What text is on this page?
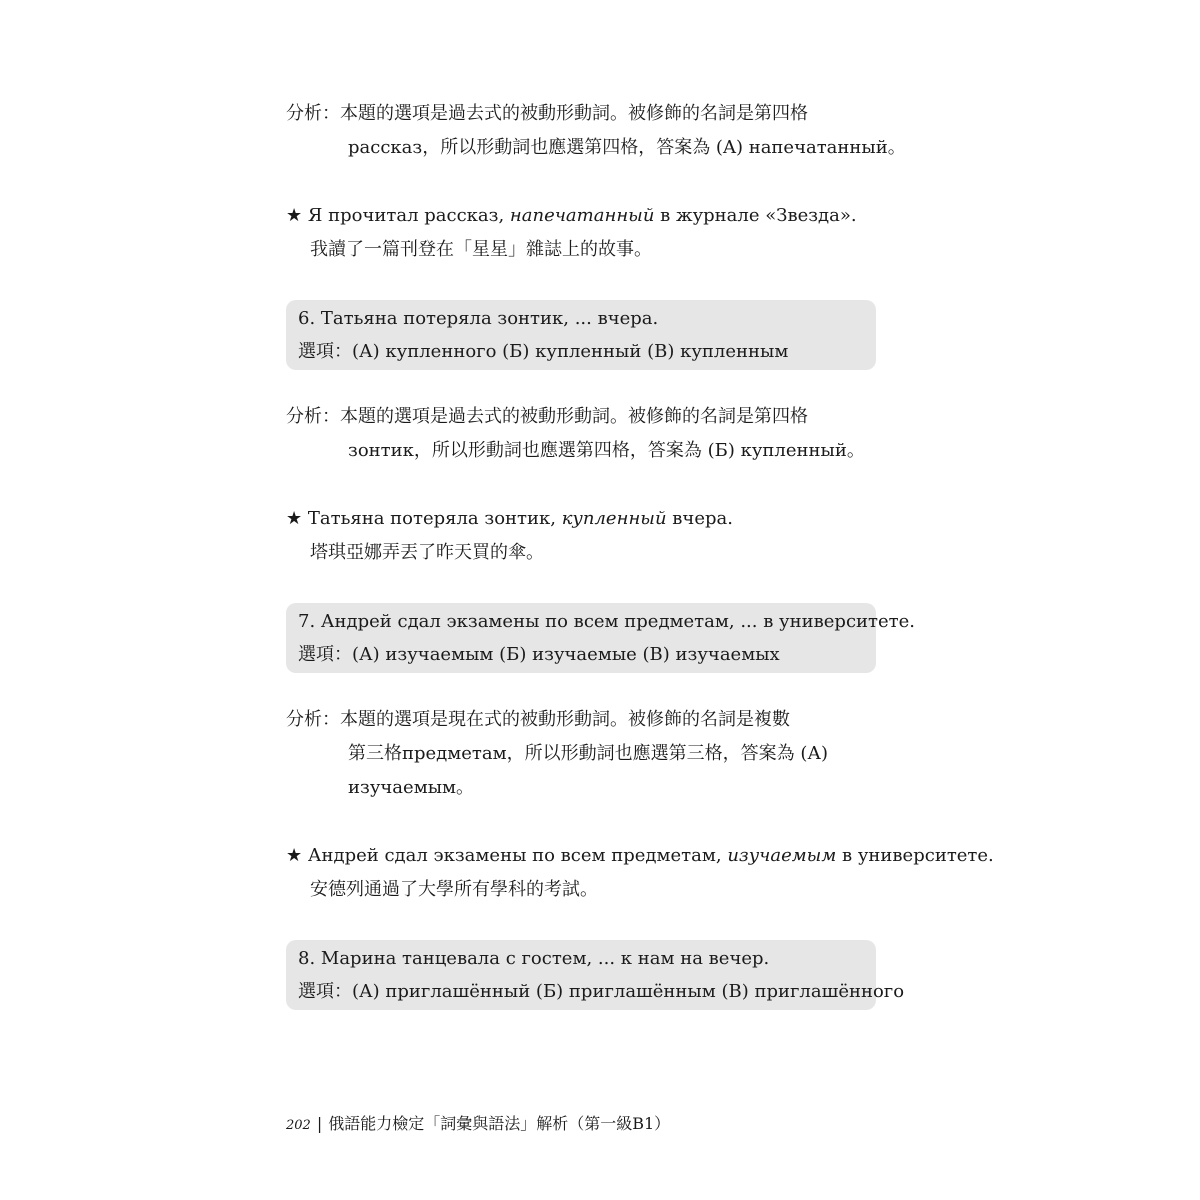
分析：本題的選項是過去式的被動形動詞。被修飾的名詞是第四格
рассказ，所以形動詞也應選第四格，答案為 (A) напечатанный。
★ Я прочитал рассказ, напечатанный в журнале «Звезда».
我讀了一篇刊登在「星星」雜誌上的故事。
6. Татьяна потеряла зонтик, ... вчера.
選項：(А) купленного (Б) купленный (В) купленным
分析：本題的選項是過去式的被動形動詞。被修飾的名詞是第四格
зонтик，所以形動詞也應選第四格，答案為 (Б) купленный。
★ Татьяна потеряла зонтик, купленный вчера.
塔琪亞娜弄丟了昨天買的傘。
7. Андрей сдал экзамены по всем предметам, ... в университете.
選項：(А) изучаемым (Б) изучаемые (В) изучаемых
分析：本題的選項是現在式的被動形動詞。被修飾的名詞是複數
第三格предметам，所以形動詞也應選第三格，答案為 (А)
изучаемым。
★ Андрей сдал экзамены по всем предметам, изучаемым в университете.
安德列通過了大學所有學科的考試。
8. Марина танцевала с гостем, ... к нам на вечер.
選項：(А) приглашённый (Б) приглашённым (В) приглашённого
202 | 俄語能力檢定「詞彙與語法」解析（第一級B1）
